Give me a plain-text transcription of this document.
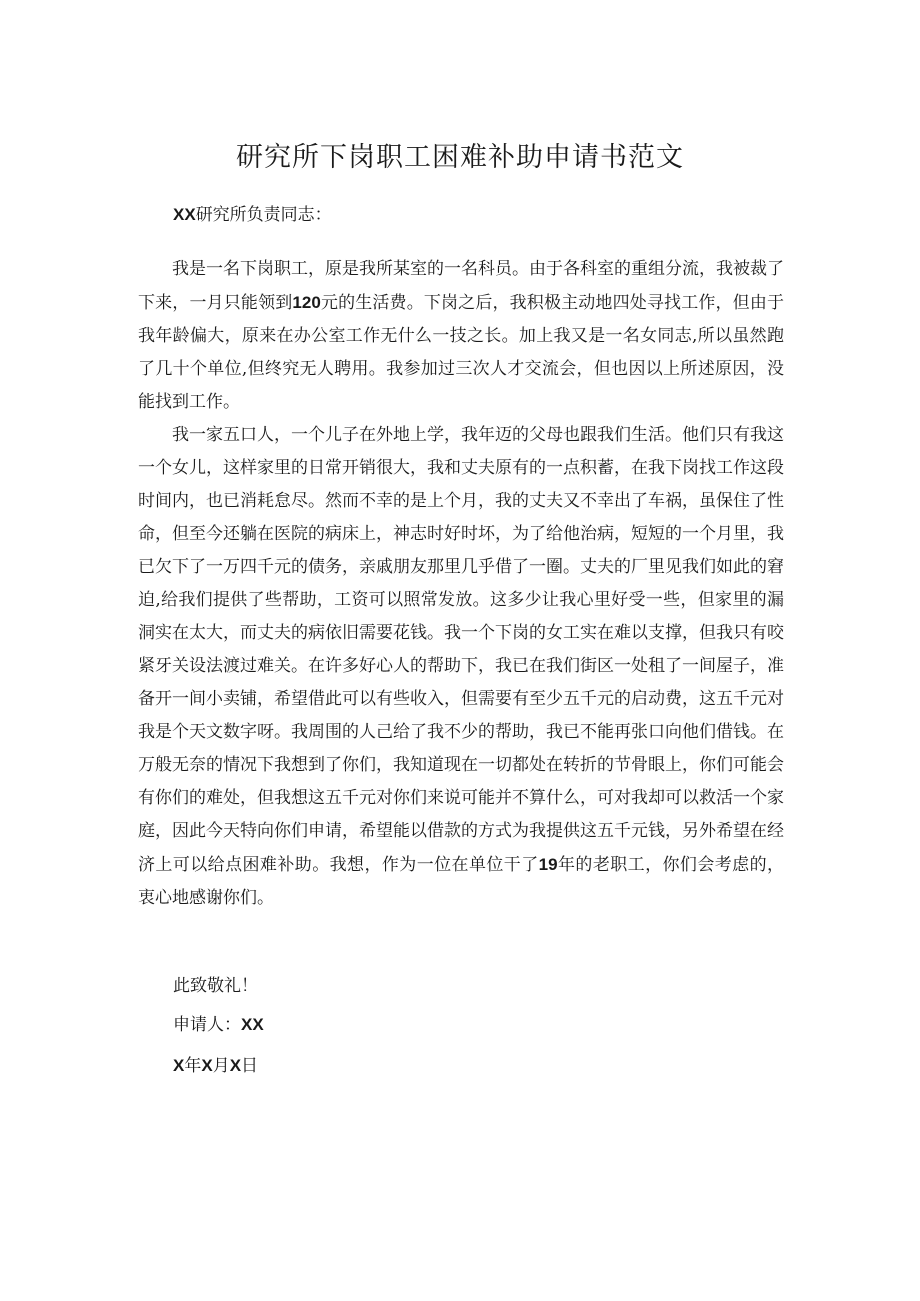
研究所下岗职工困难补助申请书范文

XX研究所负责同志：

我是一名下岗职工，原是我所某室的一名科员。由于各科室的重组分流，我被裁了下来，一月只能领到120元的生活费。下岗之后，我积极主动地四处寻找工作，但由于我年龄偏大，原来在办公室工作无什么一技之长。加上我又是一名女同志,所以虽然跑了几十个单位,但终究无人聘用。我参加过三次人才交流会，但也因以上所述原因，没能找到工作。

我一家五口人，一个儿子在外地上学，我年迈的父母也跟我们生活。他们只有我这一个女儿，这样家里的日常开销很大，我和丈夫原有的一点积蓄，在我下岗找工作这段时间内，也已消耗怠尽。然而不幸的是上个月，我的丈夫又不幸出了车祸，虽保住了性命，但至今还躺在医院的病床上，神志时好时坏，为了给他治病，短短的一个月里，我已欠下了一万四千元的债务，亲戚朋友那里几乎借了一圈。丈夫的厂里见我们如此的窘迫,给我们提供了些帮助，工资可以照常发放。这多少让我心里好受一些，但家里的漏洞实在太大，而丈夫的病依旧需要花钱。我一个下岗的女工实在难以支撑，但我只有咬紧牙关设法渡过难关。在许多好心人的帮助下，我已在我们街区一处租了一间屋子，准备开一间小卖铺，希望借此可以有些收入，但需要有至少五千元的启动费，这五千元对我是个天文数字呀。我周围的人己给了我不少的帮助，我已不能再张口向他们借钱。在万般无奈的情况下我想到了你们，我知道现在一切都处在转折的节骨眼上，你们可能会有你们的难处，但我想这五千元对你们来说可能并不算什么，可对我却可以救活一个家庭，因此今天特向你们申请，希望能以借款的方式为我提供这五千元钱，另外希望在经济上可以给点困难补助。我想，作为一位在单位干了19年的老职工，你们会考虑的，衷心地感谢你们。

此致敬礼！

申请人：XX

X年X月X日
